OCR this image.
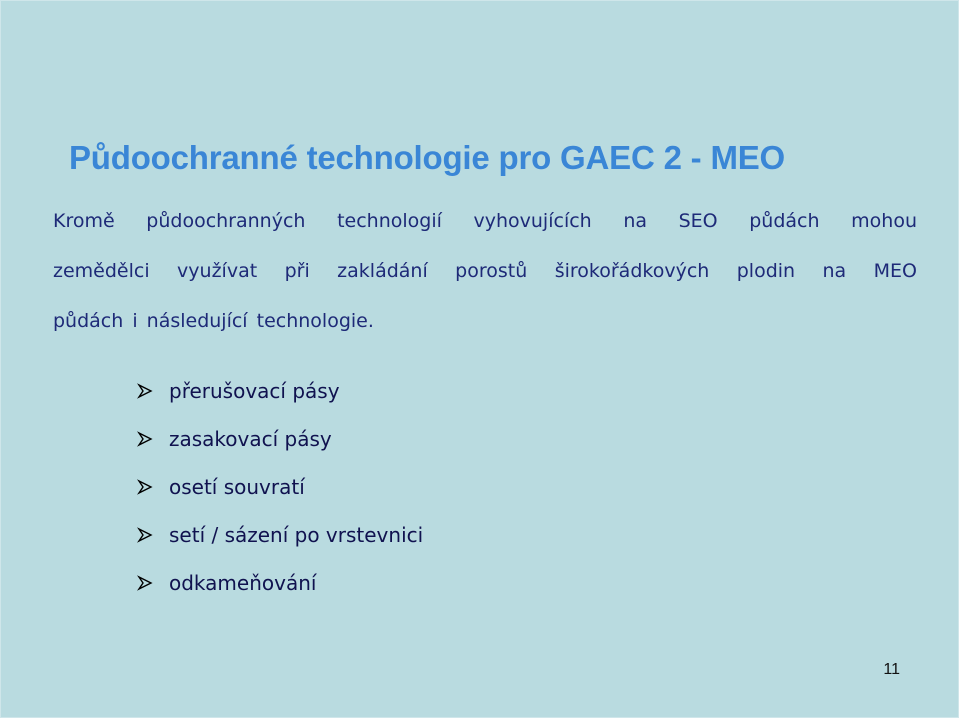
Půdoochranné technologie pro GAEC 2 - MEO
Kromě půdoochranných technologií vyhovujících na SEO půdách mohou
zemědělci využívat při zakládání porostů širokořádkových plodin na MEO
půdách i následující technologie.
přerušovací pásy
zasakovací pásy
osetí souvratí
setí / sázení po vrstevnici
odkameňování
11
